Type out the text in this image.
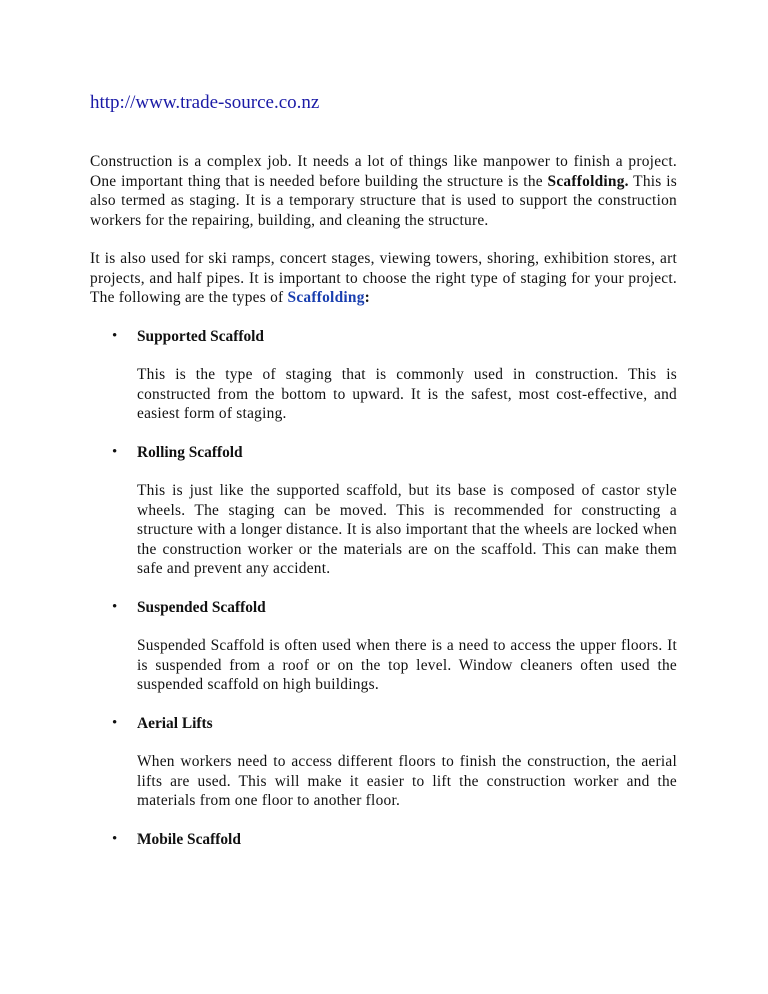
http://www.trade-source.co.nz

Construction is a complex job. It needs a lot of things like manpower to finish a project. One important thing that is needed before building the structure is the Scaffolding. This is also termed as staging. It is a temporary structure that is used to support the construction workers for the repairing, building, and cleaning the structure.

It is also used for ski ramps, concert stages, viewing towers, shoring, exhibition stores, art projects, and half pipes. It is important to choose the right type of staging for your project. The following are the types of Scaffolding:

• Supported Scaffold

This is the type of staging that is commonly used in construction. This is constructed from the bottom to upward. It is the safest, most cost-effective, and easiest form of staging.

• Rolling Scaffold

This is just like the supported scaffold, but its base is composed of castor style wheels. The staging can be moved. This is recommended for constructing a structure with a longer distance. It is also important that the wheels are locked when the construction worker or the materials are on the scaffold. This can make them safe and prevent any accident.

• Suspended Scaffold

Suspended Scaffold is often used when there is a need to access the upper floors. It is suspended from a roof or on the top level. Window cleaners often used the suspended scaffold on high buildings.

• Aerial Lifts

When workers need to access different floors to finish the construction, the aerial lifts are used. This will make it easier to lift the construction worker and the materials from one floor to another floor.

• Mobile Scaffold
